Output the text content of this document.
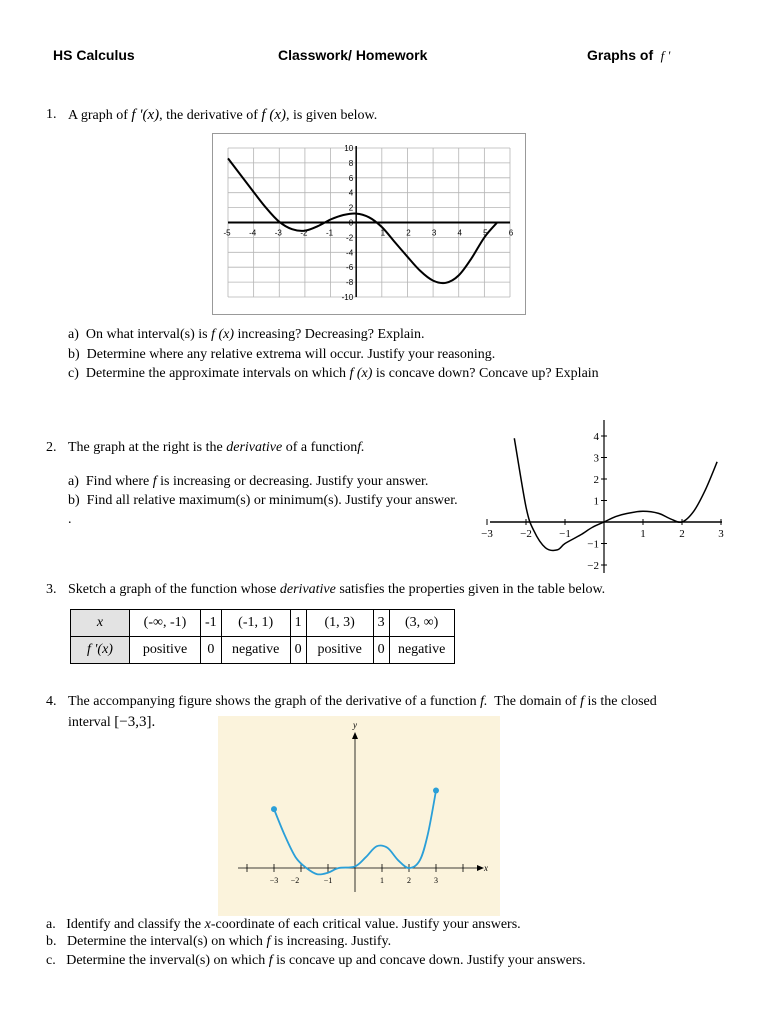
HS Calculus	Classwork/ Homework	Graphs of f '
1. A graph of f '(x), the derivative of f (x), is given below.
-5 -4 -3 -2 -1	1	2	3	4	5	6
10
8
6
4
2
0
-2
-4
-6
-8
-10
a) On what interval(s) is f (x) increasing? Decreasing? Explain.
b) Determine where any relative extrema will occur. Justify your reasoning.
c) Determine the approximate intervals on which f (x) is concave down? Concave up? Explain
2. The graph at the right is the derivative of a functionf.
a) Find where f is increasing or decreasing. Justify your answer.
b) Find all relative maximum(s) or minimum(s). Justify your answer.
.
−3 −2 −1	1	2	3
4
3
2
1
−1
−2
3. Sketch a graph of the function whose derivative satisfies the properties given in the table below.
x	(-∞, -1)	-1	(-1, 1)	1	(1, 3)	3	(3, ∞)
f '(x)	positive	0	negative	0	positive	0	negative
4. The accompanying figure shows the graph of the derivative of a function f. The domain of f is the closed
interval [−3,3].
−3 −2	−1	1	2	3
x
y
a. Identify and classify the x-coordinate of each critical value. Justify your answers.
b. Determine the interval(s) on which f is increasing. Justify.
c. Determine the inverval(s) on which f is concave up and concave down. Justify your answers.
